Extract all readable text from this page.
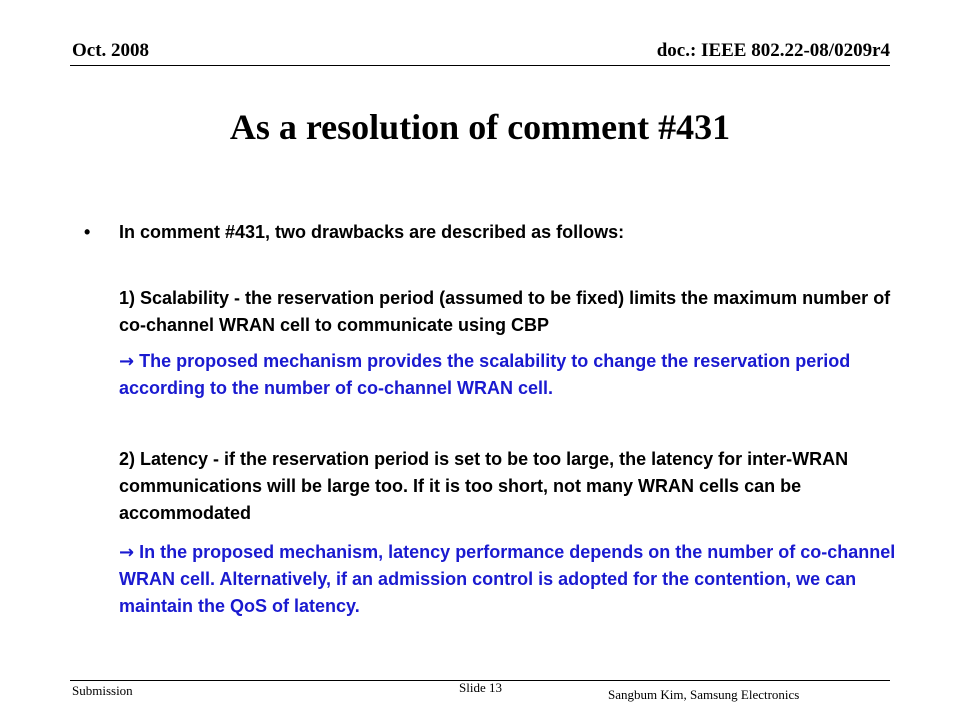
Oct. 2008	doc.: IEEE 802.22-08/0209r4
As a resolution of comment #431
• In comment #431, two drawbacks are described as follows:
1) Scalability - the reservation period (assumed to be fixed) limits the maximum number of co-channel WRAN cell to communicate using CBP
→ The proposed mechanism provides the scalability to change the reservation period according to the number of co-channel WRAN cell.
2) Latency - if the reservation period is set to be too large, the latency for inter-WRAN communications will be large too. If it is too short, not many WRAN cells can be accommodated
→ In the proposed mechanism, latency performance depends on the number of co-channel WRAN cell. Alternatively, if an admission control is adopted for the contention, we can maintain the QoS of latency.
Submission	Slide 13	Sangbum Kim, Samsung Electronics
